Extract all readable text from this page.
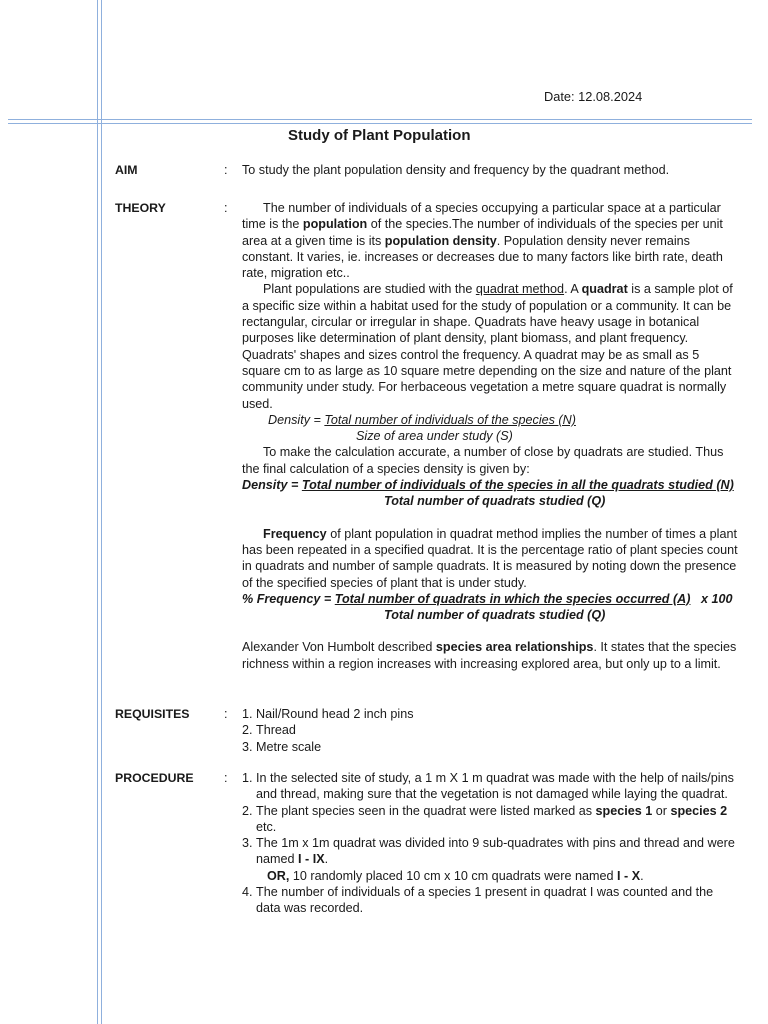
Date: 12.08.2024
Study of Plant Population
AIM	: To study the plant population density and frequency by the quadrant method.
THEORY	:	The number of individuals of a species occupying a particular space at a particular time is the population of the species.The number of individuals of the species per unit area at a given time is its population density. Population density never remains constant. It varies, ie. increases or decreases due to many factors like birth rate, death rate, migration etc..

Plant populations are studied with the quadrat method. A quadrat is a sample plot of a specific size within a habitat used for the study of population or a community. It can be rectangular, circular or irregular in shape. Quadrats have heavy usage in botanical purposes like determination of plant density, plant biomass, and plant frequency. Quadrats' shapes and sizes control the frequency. A quadrat may be as small as 5 square cm to as large as 10 square metre depending on the size and nature of the plant community under study. For herbaceous vegetation a metre square quadrat is normally used.

Density = Total number of individuals of the species (N)

Size of area under study (S)

To make the calculation accurate, a number of close by quadrats are studied. Thus the final calculation of a species density is given by:

Density = Total number of individuals of the species in all the quadrats studied (N)

Total number of quadrats studied (Q)

Frequency of plant population in quadrat method implies the number of times a plant has been repeated in a specified quadrat. It is the percentage ratio of plant species count in quadrats and number of sample quadrats. It is measured by noting down the presence of the specified species of plant that is under study.

% Frequency = Total number of quadrats in which the species occurred (A)   x 100

Total number of quadrats studied (Q)

Alexander Von Humbolt described species area relationships. It states that the species richness within a region increases with increasing explored area, but only up to a limit.

REQUISITES	: 1. Nail/Round head 2 inch pins
2. Thread
3. Metre scale
PROCEDURE : 1. In the selected site of study, a 1 m X 1 m quadrat was made with the help of nails/pins and thread, making sure that the vegetation is not damaged while laying the quadrat.
2. The plant species seen in the quadrat were listed marked as species 1 or species 2 etc.
3. The 1m x 1m quadrat was divided into 9 sub-quadrates with pins and thread and were named I - IX.
OR, 10 randomly placed 10 cm x 10 cm quadrats were named I - X.
4. The number of individuals of a species 1 present in quadrat I was counted and the data was recorded.
